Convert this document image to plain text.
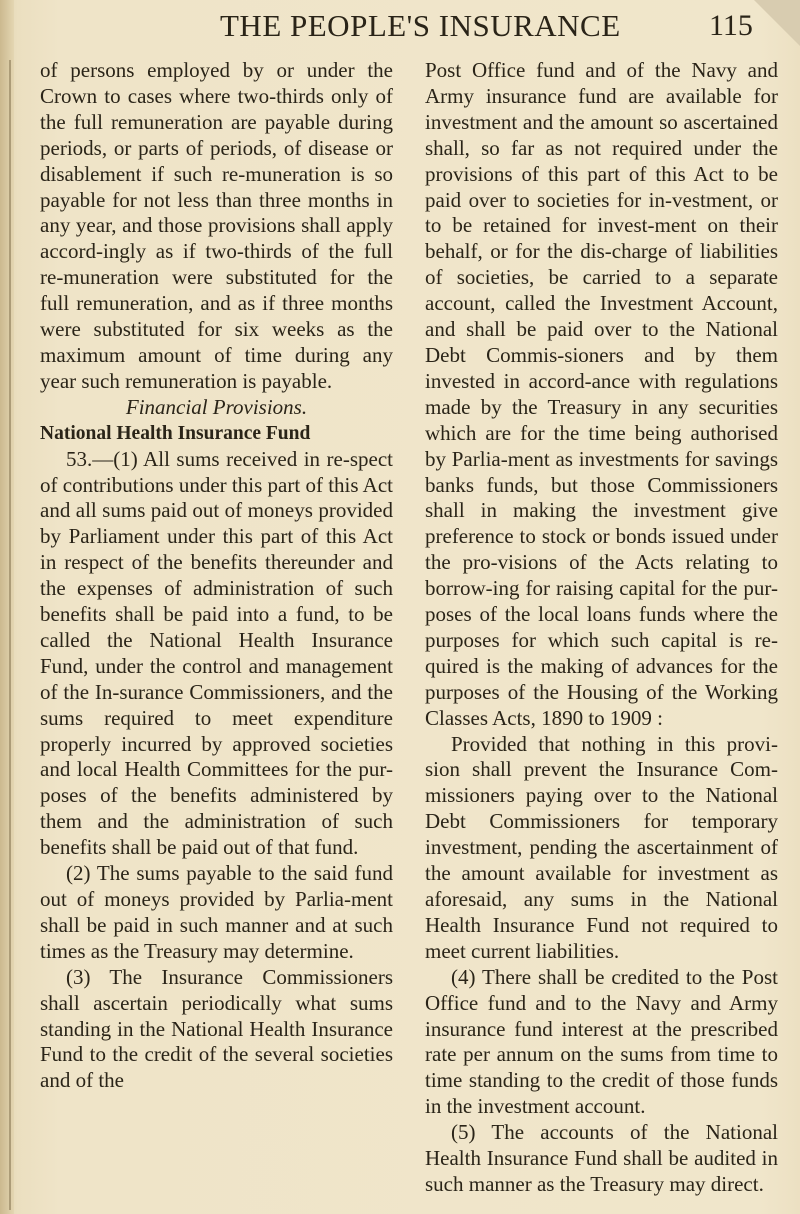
THE PEOPLE'S INSURANCE	115

of persons employed by or under the Crown to cases where two-thirds only of the full remuneration are payable during periods, or parts of periods, of disease or disablement if such re-muneration is so payable for not less than three months in any year, and those provisions shall apply accord-ingly as if two-thirds of the full re-muneration were substituted for the full remuneration, and as if three months were substituted for six weeks as the maximum amount of time during any year such remuneration is payable.

Financial Provisions.

National Health Insurance Fund

53.—(1) All sums received in re-spect of contributions under this part of this Act and all sums paid out of moneys provided by Parliament under this part of this Act in respect of the benefits thereunder and the expenses of administration of such benefits shall be paid into a fund, to be called the National Health Insurance Fund, under the control and management of the In-surance Commissioners, and the sums required to meet expenditure properly incurred by approved societies and local Health Committees for the pur-poses of the benefits administered by them and the administration of such benefits shall be paid out of that fund.

(2) The sums payable to the said fund out of moneys provided by Parlia-ment shall be paid in such manner and at such times as the Treasury may determine.

(3) The Insurance Commissioners shall ascertain periodically what sums standing in the National Health Insurance Fund to the credit of the several societies and of the

Post Office fund and of the Navy and Army insurance fund are available for investment and the amount so ascertained shall, so far as not required under the provisions of this part of this Act to be paid over to societies for in-vestment, or to be retained for invest-ment on their behalf, or for the dis-charge of liabilities of societies, be carried to a separate account, called the Investment Account, and shall be paid over to the National Debt Commis-sioners and by them invested in accord-ance with regulations made by the Treasury in any securities which are for the time being authorised by Parlia-ment as investments for savings banks funds, but those Commissioners shall in making the investment give preference to stock or bonds issued under the pro-visions of the Acts relating to borrow-ing for raising capital for the pur-poses of the local loans funds where the purposes for which such capital is re-quired is the making of advances for the purposes of the Housing of the Working Classes Acts, 1890 to 1909 :

Provided that nothing in this provi-sion shall prevent the Insurance Com-missioners paying over to the National Debt Commissioners for temporary investment, pending the ascertainment of the amount available for investment as aforesaid, any sums in the National Health Insurance Fund not required to meet current liabilities.

(4) There shall be credited to the Post Office fund and to the Navy and Army insurance fund interest at the prescribed rate per annum on the sums from time to time standing to the credit of those funds in the investment account.

(5) The accounts of the National Health Insurance Fund shall be audited in such manner as the Treasury may direct.
